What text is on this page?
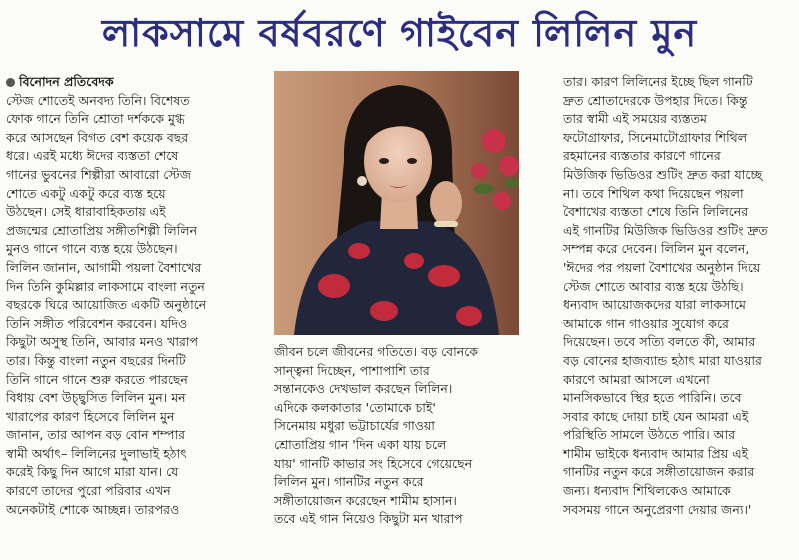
লাকসামে বর্ষবরণে গাইবেন লিলিন মুন
বিনোদন প্রতিবেদক
স্টেজ শোতেই অনবদ্য তিনি। বিশেষত
ফোক গানে তিনি শ্রোতা দর্শককে মুগ্ধ
করে আসছেন বিগত বেশ কয়েক বছর
ধরে। এরই মধ্যে ঈদের ব্যস্ততা শেষে
গানের ভুবনের শিল্পীরা আবারো স্টেজ
শোতে একটু একটু করে ব্যস্ত হয়ে
উঠছেন। সেই ধারাবাহিকতায় এই
প্রজন্মের শ্রোতাপ্রিয় সঙ্গীতশিল্পী লিলিন
মুনও গানে গানে ব্যস্ত হয়ে উঠছেন।
লিলিন জানান, আগামী পয়লা বৈশাখের
দিন তিনি কুমিল্লার লাকসামে বাংলা নতুন
বছরকে ঘিরে আয়োজিত একটি অনুষ্ঠানে
তিনি সঙ্গীত পরিবেশন করবেন। যদিও
কিছুটা অসুস্থ তিনি, আবার মনও খারাপ
তার। কিন্তু বাংলা নতুন বছরের দিনটি
তিনি গানে গানে শুরু করতে পারছেন
বিধায় বেশ উচ্ছ্বসিত লিলিন মুন। মন
খারাপের কারণ হিসেবে লিলিন মুন
জানান, তার আপন বড় বোন শম্পার
স্বামী অর্থাৎ– লিলিনের দুলাভাই হঠাৎ
করেই কিছু দিন আগে মারা যান। যে
কারণে তাদের পুরো পরিবার এখন
অনেকটাই শোকে আচ্ছন্ন। তারপরও
জীবন চলে জীবনের গতিতে। বড় বোনকে
সান্ত্বনা দিচ্ছেন, পাশাপাশি তার
সন্তানকেও দেখভাল করছেন লিলিন।
এদিকে কলকাতার 'তোমাকে চাই'
সিনেমায় মধুরা ভট্টাচার্যের গাওয়া
শ্রোতাপ্রিয় গান 'দিন একা যায় চলে
যায়' গানটি কাভার সং হিসেবে গেয়েছেন
লিলিন মুন। গানটির নতুন করে
সঙ্গীতায়োজন করেছেন শামীম হাসান।
তবে এই গান নিয়েও কিছুটা মন খারাপ
তার। কারণ লিলিনের ইচ্ছে ছিল গানটি
দ্রুত শ্রোতাদেরকে উপহার দিতে। কিন্তু
তার স্বামী এই সময়ের ব্যস্ততম
ফটোগ্রাফার, সিনেমাটোগ্রাফার শিথিল
রহমানের ব্যস্ততার কারণে গানের
মিউজিক ভিডিওর শুটিং দ্রুত করা যাচ্ছে
না। তবে শিথিল কথা দিয়েছেন পয়লা
বৈশাখের ব্যস্ততা শেষে তিনি লিলিনের
এই গানটির মিউজিক ভিডিওর শুটিং দ্রুত
সম্পন্ন করে দেবেন। লিলিন মুন বলেন,
'ঈদের পর পয়লা বৈশাখের অনুষ্ঠান দিয়ে
স্টেজ শোতে আবার ব্যস্ত হয়ে উঠছি।
ধন্যবাদ আয়োজকদের যারা লাকসামে
আমাকে গান গাওয়ার সুযোগ করে
দিয়েছেন। তবে সত্যি বলতে কী, আমার
বড় বোনের হাজব্যান্ড হঠাৎ মারা যাওয়ার
কারণে আমরা আসলে এখনো
মানসিকভাবে স্থির হতে পারিনি। তবে
সবার কাছে দোয়া চাই যেন আমরা এই
পরিস্থিতি সামলে উঠতে পারি। আর
শামীম ভাইকে ধন্যবাদ আমার প্রিয় এই
গানটির নতুন করে সঙ্গীতায়োজন করার
জন্য। ধন্যবাদ শিথিলকেও আমাকে
সবসময় গানে অনুপ্রেরণা দেয়ার জন্য।'
